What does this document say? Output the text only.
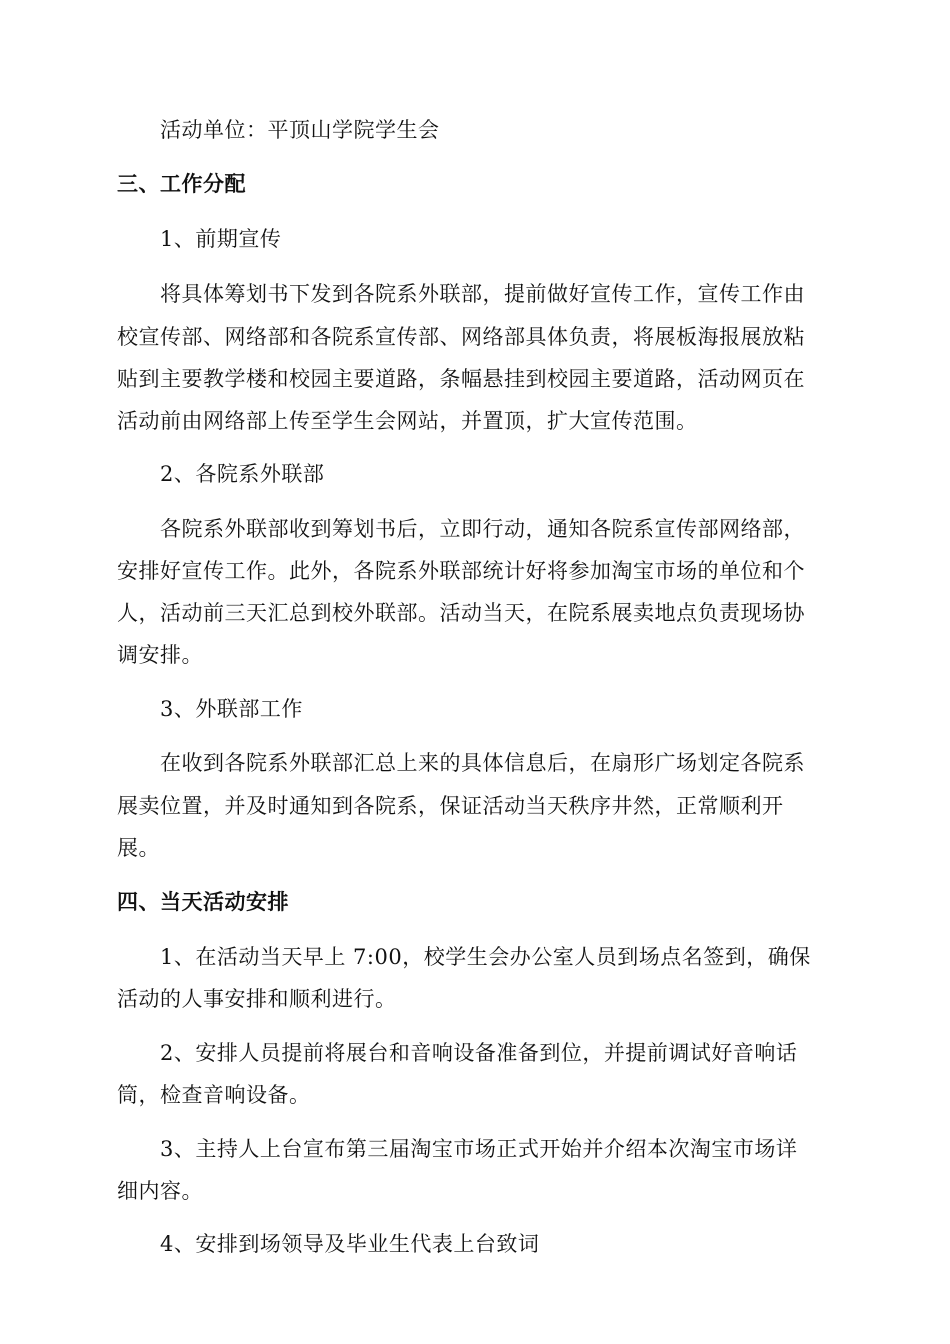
活动单位：平顶山学院学生会

三、工作分配

1、前期宣传

将具体筹划书下发到各院系外联部，提前做好宣传工作，宣传工作由

校宣传部、网络部和各院系宣传部、网络部具体负责，将展板海报展放粘

贴到主要教学楼和校园主要道路，条幅悬挂到校园主要道路，活动网页在

活动前由网络部上传至学生会网站，并置顶，扩大宣传范围。

2、各院系外联部

各院系外联部收到筹划书后，立即行动，通知各院系宣传部网络部，

安排好宣传工作。此外，各院系外联部统计好将参加淘宝市场的单位和个

人，活动前三天汇总到校外联部。活动当天，在院系展卖地点负责现场协

调安排。

3、外联部工作

在收到各院系外联部汇总上来的具体信息后，在扇形广场划定各院系

展卖位置，并及时通知到各院系，保证活动当天秩序井然，正常顺利开

展。

四、当天活动安排

1、在活动当天早上 7:00，校学生会办公室人员到场点名签到，确保

活动的人事安排和顺利进行。

2、安排人员提前将展台和音响设备准备到位，并提前调试好音响话

筒，检查音响设备。

3、主持人上台宣布第三届淘宝市场正式开始并介绍本次淘宝市场详

细内容。

4、安排到场领导及毕业生代表上台致词
